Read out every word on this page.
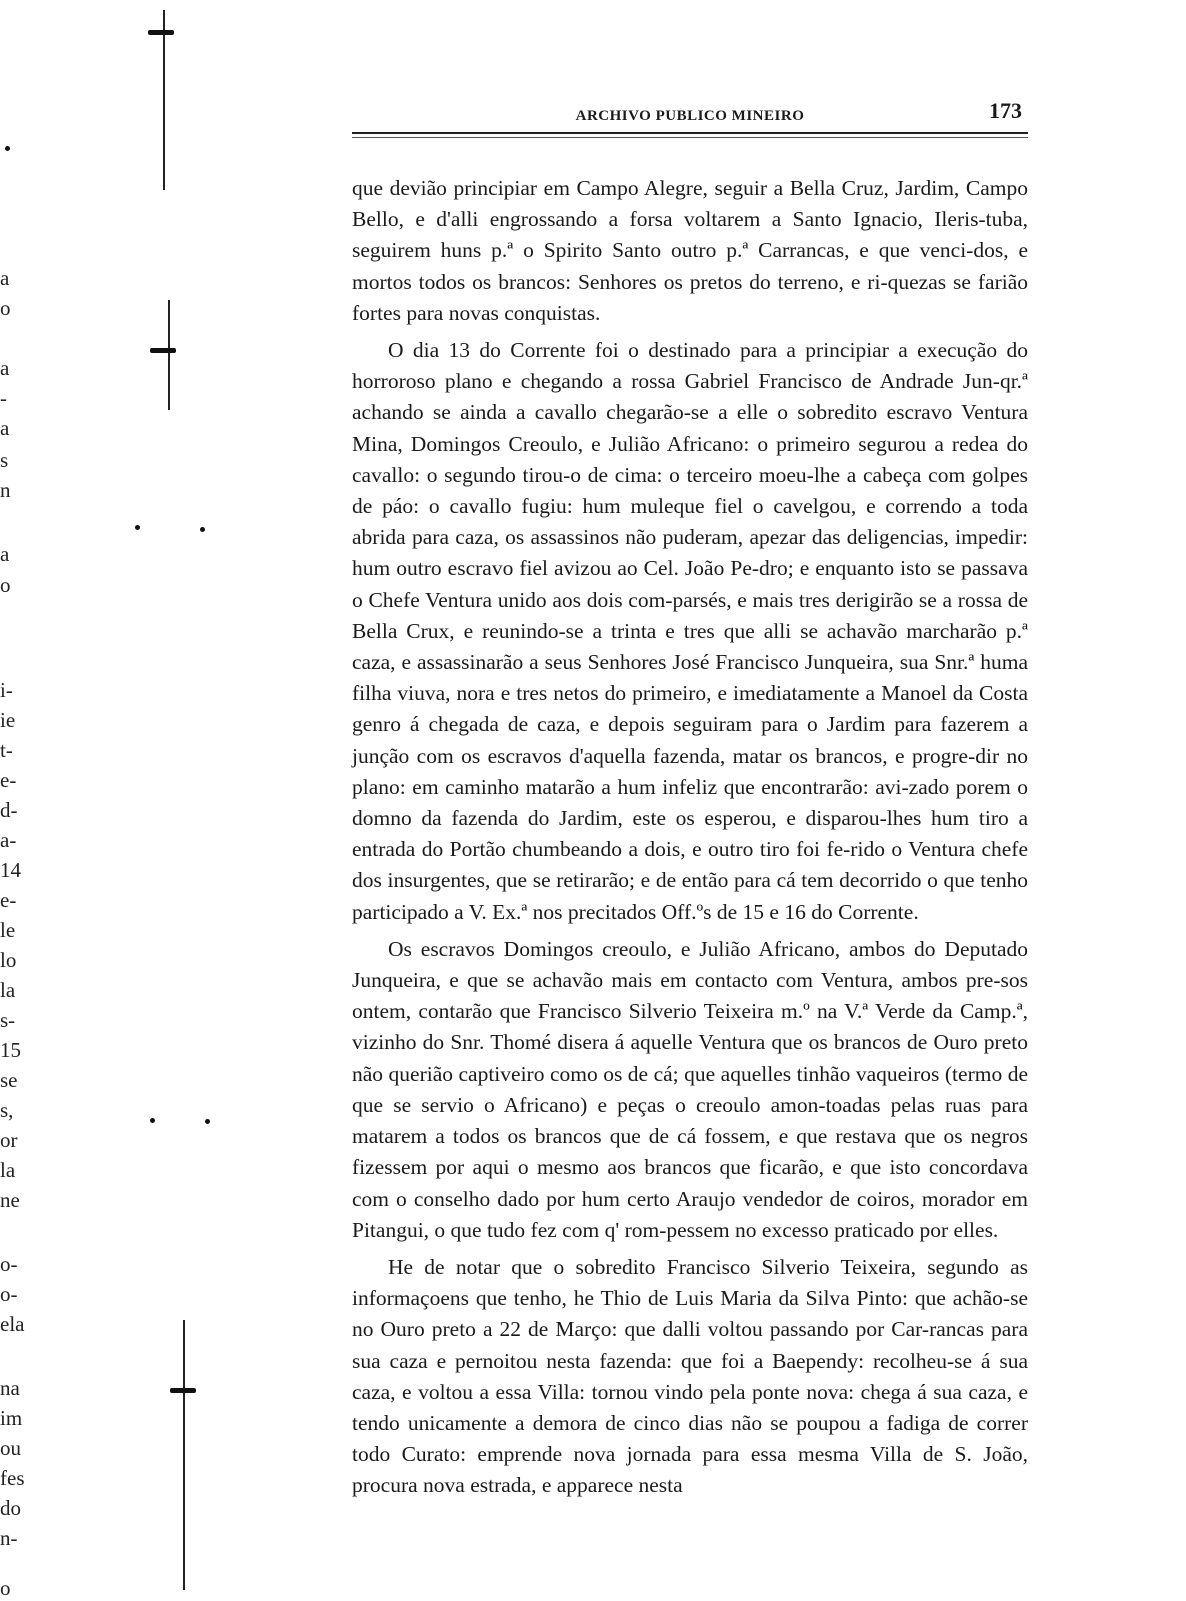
a
o
a
-
a
s
n
a
o
i-
ie
t-
e-
d-
a-
14
e-
le
lo
la
s-
15
se
s,
or
la
ne
o-
o-
ela
na
im
ou
fes
do
n-
o
ARCHIVO PUBLICO MINEIRO	173

que devião principiar em Campo Alegre, seguir a Bella Cruz, Jardim, Campo Bello, e d'alli engrossando a forsa voltarem a Santo Ignacio, Ileris-tuba, seguirem huns p.ª o Spirito Santo outro p.ª Carrancas, e que venci-dos, e mortos todos os brancos: Senhores os pretos do terreno, e ri-quezas se farião fortes para novas conquistas.

O dia 13 do Corrente foi o destinado para a principiar a execução do horroroso plano e chegando a rossa Gabriel Francisco de Andrade Jun-qr.ª achando se ainda a cavallo chegarão-se a elle o sobredito escravo Ventura Mina, Domingos Creoulo, e Julião Africano: o primeiro segurou a redea do cavallo: o segundo tirou-o de cima: o terceiro moeu-lhe a cabeça com golpes de páo: o cavallo fugiu: hum muleque fiel o cavelgou, e correndo a toda abrida para caza, os assassinos não puderam, apezar das deligencias, impedir: hum outro escravo fiel avizou ao Cel. João Pe-dro; e enquanto isto se passava o Chefe Ventura unido aos dois com-parsés, e mais tres derigirão se a rossa de Bella Crux, e reunindo-se a trinta e tres que alli se achavão marcharão p.ª caza, e assassinarão a seus Senhores José Francisco Junqueira, sua Snr.ª huma filha viuva, nora e tres netos do primeiro, e imediatamente a Manoel da Costa genro á chegada de caza, e depois seguiram para o Jardim para fazerem a junção com os escravos d'aquella fazenda, matar os brancos, e progre-dir no plano: em caminho matarão a hum infeliz que encontrarão: avi-zado porem o domno da fazenda do Jardim, este os esperou, e disparou-lhes hum tiro a entrada do Portão chumbeando a dois, e outro tiro foi fe-rido o Ventura chefe dos insurgentes, que se retirarão; e de então para cá tem decorrido o que tenho participado a V. Ex.ª nos precitados Off.ºs de 15 e 16 do Corrente.

Os escravos Domingos creoulo, e Julião Africano, ambos do Deputado Junqueira, e que se achavão mais em contacto com Ventura, ambos pre-sos ontem, contarão que Francisco Silverio Teixeira m.º na V.ª Verde da Camp.ª, vizinho do Snr. Thomé disera á aquelle Ventura que os brancos de Ouro preto não querião captiveiro como os de cá; que aquelles tinhão vaqueiros (termo de que se servio o Africano) e peças o creoulo amon-toadas pelas ruas para matarem a todos os brancos que de cá fossem, e que restava que os negros fizessem por aqui o mesmo aos brancos que ficarão, e que isto concordava com o conselho dado por hum certo Araujo vendedor de coiros, morador em Pitangui, o que tudo fez com q' rom-pessem no excesso praticado por elles.

He de notar que o sobredito Francisco Silverio Teixeira, segundo as informaçoens que tenho, he Thio de Luis Maria da Silva Pinto: que achão-se no Ouro preto a 22 de Março: que dalli voltou passando por Car-rancas para sua caza e pernoitou nesta fazenda: que foi a Baependy: recolheu-se á sua caza, e voltou a essa Villa: tornou vindo pela ponte nova: chega á sua caza, e tendo unicamente a demora de cinco dias não se poupou a fadiga de correr todo Curato: emprende nova jornada para essa mesma Villa de S. João, procura nova estrada, e apparece nesta
